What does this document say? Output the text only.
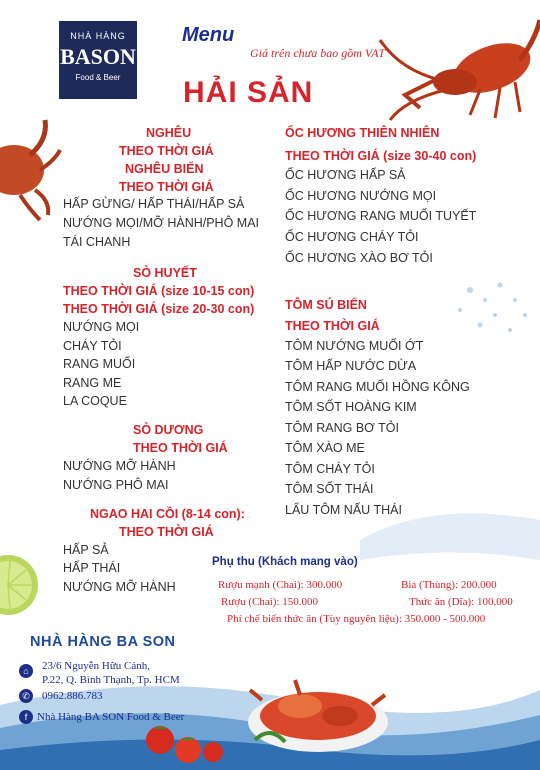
NHÀ HÀNG
BASON
Food & Beer
Menu
Giá trên chưa bao gồm VAT
HẢI SẢN
NGHÊU
THEO THỜI GIÁ
NGHÊU BIỂN
THEO THỜI GIÁ
HẤP GỪNG/ HẤP THÁI/HẤP SẢ
NƯỚNG MỌI/MỠ HÀNH/PHÔ MAI
TÁI CHANH
SÒ HUYẾT
THEO THỜI GIÁ (size 10-15 con)
THEO THỜI GIÁ (size 20-30 con)
NƯỚNG MỌI
CHÁY TỎI
RANG MUỐI
RANG ME
LA COQUE
SÒ DƯƠNG
THEO THỜI GIÁ
NƯỚNG MỠ HÀNH
NƯỚNG PHÔ MAI
NGAO HAI CỒI (8-14 con):
THEO THỜI GIÁ
HẤP SẢ
HẤP THÁI
NƯỚNG MỠ HÀNH
ỐC HƯƠNG THIÊN NHIÊN
THEO THỜI GIÁ (size 30-40 con)
ỐC HƯƠNG HẤP SẢ
ỐC HƯƠNG NƯỚNG MỌI
ỐC HƯƠNG RANG MUỐI TUYẾT
ỐC HƯƠNG CHÁY TỎI
ỐC HƯƠNG XÀO BƠ TỎI
TÔM SÚ BIỂN
THEO THỜI GIÁ
TÔM NƯỚNG MUỐI ỚT
TÔM HẤP NƯỚC DỪA
TÔM RANG MUỐI HỒNG KÔNG
TÔM SỐT HOÀNG KIM
TÔM RANG BƠ TỎI
TÔM XÀO ME
TÔM CHÁY TỎI
TÔM SỐT THÁI
LẨU TÔM NẤU THÁI
Phụ thu (Khách mang vào)
Rượu mạnh (Chai): 300.000	Bia (Thùng): 200.000
Rượu (Chai): 150.000	Thức ăn (Dĩa): 100.000
Phí chế biến thức ăn (Tùy nguyên liệu): 350.000 - 500.000
NHÀ HÀNG BA SON
⌂	23/6 Nguyễn Hữu Cảnh,
P.22, Q. Bình Thạnh, Tp. HCM
✆ 0962.886.783
f Nhà Hàng BA SON Food & Beer
